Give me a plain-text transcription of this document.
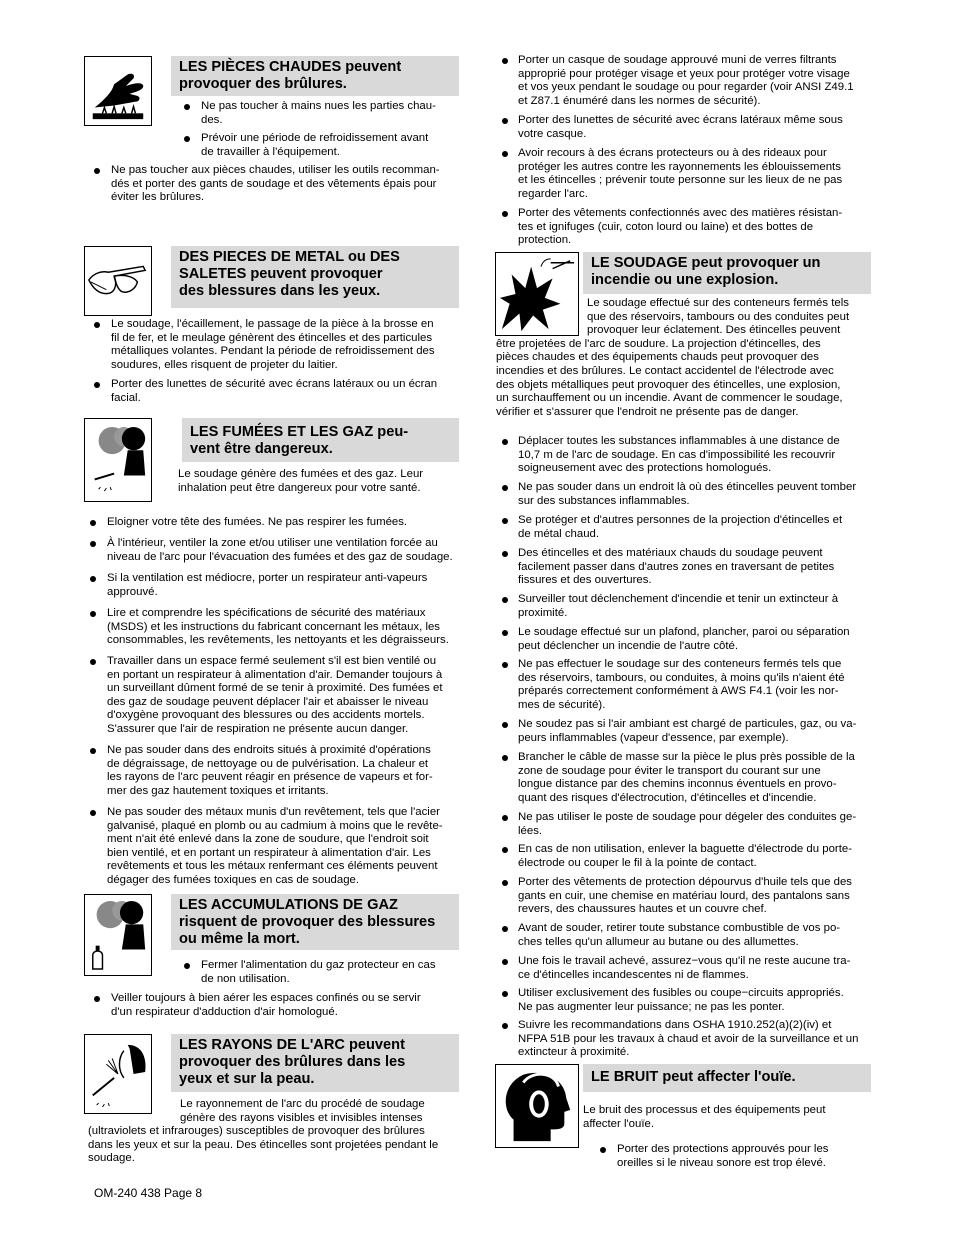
LES PIÈCES CHAUDES peuvent
provoquer des brûlures.
Ne pas toucher à mains nues les parties chau-
des.
Prévoir une période de refroidissement avant
de travailler à l'équipement.
Ne pas toucher aux pièces chaudes, utiliser les outils recomman-
dés et porter des gants de soudage et des vêtements épais pour
éviter les brûlures.
DES PIECES DE METAL ou DES
SALETES peuvent provoquer
des blessures dans les yeux.
Le soudage, l'écaillement, le passage de la pièce à la brosse en
fil de fer, et le meulage génèrent des étincelles et des particules
métalliques volantes. Pendant la période de refroidissement des
soudures, elles risquent de projeter du laitier.
Porter des lunettes de sécurité avec écrans latéraux ou un écran
facial.
LES FUMÉES ET LES GAZ peu-
vent être dangereux.
Le soudage génère des fumées et des gaz. Leur
inhalation peut être dangereux pour votre santé.
Eloigner votre tête des fumées. Ne pas respirer les fumées.
À l'intérieur, ventiler la zone et/ou utiliser une ventilation forcée au
niveau de l'arc pour l'évacuation des fumées et des gaz de soudage.
Si la ventilation est médiocre, porter un respirateur anti-vapeurs
approuvé.
Lire et comprendre les spécifications de sécurité des matériaux
(MSDS) et les instructions du fabricant concernant les métaux, les
consommables, les revêtements, les nettoyants et les dégraisseurs.
Travailler dans un espace fermé seulement s'il est bien ventilé ou
en portant un respirateur à alimentation d'air. Demander toujours à
un surveillant dûment formé de se tenir à proximité. Des fumées et
des gaz de soudage peuvent déplacer l'air et abaisser le niveau
d'oxygène provoquant des blessures ou des accidents mortels.
S'assurer que l'air de respiration ne présente aucun danger.
Ne pas souder dans des endroits situés à proximité d'opérations
de dégraissage, de nettoyage ou de pulvérisation. La chaleur et
les rayons de l'arc peuvent réagir en présence de vapeurs et for-
mer des gaz hautement toxiques et irritants.
Ne pas souder des métaux munis d'un revêtement, tels que l'acier
galvanisé, plaqué en plomb ou au cadmium à moins que le revête-
ment n'ait été enlevé dans la zone de soudure, que l'endroit soit
bien ventilé, et en portant un respirateur à alimentation d'air. Les
revêtements et tous les métaux renfermant ces éléments peuvent
dégager des fumées toxiques en cas de soudage.
LES ACCUMULATIONS DE GAZ
risquent de provoquer des blessures
ou même la mort.
Fermer l'alimentation du gaz protecteur en cas
de non utilisation.
Veiller toujours à bien aérer les espaces confinés ou se servir
d'un respirateur d'adduction d'air homologué.
LES RAYONS DE L'ARC peuvent
provoquer des brûlures dans les
yeux et sur la peau.
Le rayonnement de l'arc du procédé de soudage
génère des rayons visibles et invisibles intenses
(ultraviolets et infrarouges) susceptibles de provoquer des brûlures
dans les yeux et sur la peau. Des étincelles sont projetées pendant le
soudage.
Porter un casque de soudage approuvé muni de verres filtrants
approprié pour protéger visage et yeux pour protéger votre visage
et vos yeux pendant le soudage ou pour regarder (voir ANSI Z49.1
et Z87.1 énuméré dans les normes de sécurité).
Porter des lunettes de sécurité avec écrans latéraux même sous
votre casque.
Avoir recours à des écrans protecteurs ou à des rideaux pour
protéger les autres contre les rayonnements les éblouissements
et les étincelles ; prévenir toute personne sur les lieux de ne pas
regarder l'arc.
Porter des vêtements confectionnés avec des matières résistan-
tes et ignifuges (cuir, coton lourd ou laine) et des bottes de
protection.
LE SOUDAGE peut provoquer un
incendie ou une explosion.
Le soudage effectué sur des conteneurs fermés tels
que des réservoirs, tambours ou des conduites peut
provoquer leur éclatement. Des étincelles peuvent
être projetées de l'arc de soudure. La projection d'étincelles, des
pièces chaudes et des équipements chauds peut provoquer des
incendies et des brûlures. Le contact accidentel de l'électrode avec
des objets métalliques peut provoquer des étincelles, une explosion,
un surchauffement ou un incendie. Avant de commencer le soudage,
vérifier et s'assurer que l'endroit ne présente pas de danger.
Déplacer toutes les substances inflammables à une distance de
10,7 m de l'arc de soudage. En cas d'impossibilité les recouvrir
soigneusement avec des protections homologués.
Ne pas souder dans un endroit là où des étincelles peuvent tomber
sur des substances inflammables.
Se protéger et d'autres personnes de la projection d'étincelles et
de métal chaud.
Des étincelles et des matériaux chauds du soudage peuvent
facilement passer dans d'autres zones en traversant de petites
fissures et des ouvertures.
Surveiller tout déclenchement d'incendie et tenir un extincteur à
proximité.
Le soudage effectué sur un plafond, plancher, paroi ou séparation
peut déclencher un incendie de l'autre côté.
Ne pas effectuer le soudage sur des conteneurs fermés tels que
des réservoirs, tambours, ou conduites, à moins qu'ils n'aient été
préparés correctement conformément à AWS F4.1 (voir les nor-
mes de sécurité).
Ne soudez pas si l'air ambiant est chargé de particules, gaz, ou va-
peurs inflammables (vapeur d'essence, par exemple).
Brancher le câble de masse sur la pièce le plus près possible de la
zone de soudage pour éviter le transport du courant sur une
longue distance par des chemins inconnus éventuels en provo-
quant des risques d'électrocution, d'étincelles et d'incendie.
Ne pas utiliser le poste de soudage pour dégeler des conduites ge-
lées.
En cas de non utilisation, enlever la baguette d'électrode du porte-
électrode ou couper le fil à la pointe de contact.
Porter des vêtements de protection dépourvus d'huile tels que des
gants en cuir, une chemise en matériau lourd, des pantalons sans
revers, des chaussures hautes et un couvre chef.
Avant de souder, retirer toute substance combustible de vos po-
ches telles qu'un allumeur au butane ou des allumettes.
Une fois le travail achevé, assurez−vous qu'il ne reste aucune tra-
ce d'étincelles incandescentes ni de flammes.
Utiliser exclusivement des fusibles ou coupe−circuits appropriés.
Ne pas augmenter leur puissance; ne pas les ponter.
Suivre les recommandations dans OSHA 1910.252(a)(2)(iv) et
NFPA 51B pour les travaux à chaud et avoir de la surveillance et un
extincteur à proximité.
LE BRUIT peut affecter l'ouïe.
Le bruit des processus et des équipements peut
affecter l'ouïe.
Porter des protections approuvés pour les
oreilles si le niveau sonore est trop élevé.
OM-240 438 Page 8
